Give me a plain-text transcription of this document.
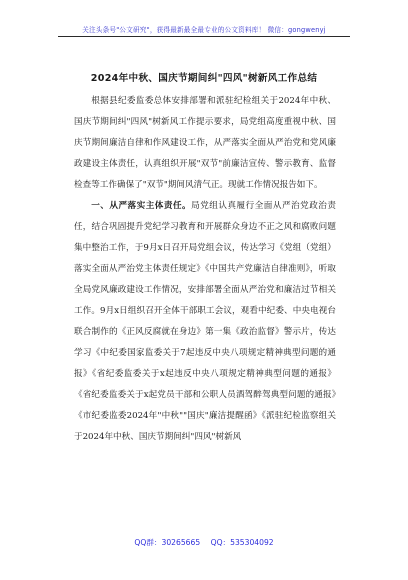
关注头条号"公文研究"，获得最新最全最专业的公文资料库！ 微信：gongwenyj
2024年中秋、国庆节期间纠"四风"树新风工作总结

根据县纪委监委总体安排部署和派驻纪检组关于2024年中秋、国庆节期间纠"四风"树新风工作提示要求，局党组高度重视中秋、国庆节期间廉洁自律和作风建设工作，从严落实全面从严治党和党风廉政建设主体责任，认真组织开展"双节"前廉洁宣传、警示教育、监督检查等工作确保了"双节"期间风清气正。现就工作情况报告如下。

一、从严落实主体责任。局党组认真履行全面从严治党政治责任，结合巩固提升党纪学习教育和开展群众身边不正之风和腐败问题集中整治工作，于9月x日召开局党组会议，传达学习《党组（党组）落实全面从严治党主体责任规定》《中国共产党廉洁自律准则》，听取全局党风廉政建设工作情况，安排部署全面从严治党和廉洁过节相关工作。9月x日组织召开全体干部职工会议，观看中纪委、中央电视台联合制作的《正风反腐就在身边》第一集《政治监督》警示片，传达学习《中纪委国家监委关于7起违反中央八项规定精神典型问题的通报》《省纪委监委关于x起违反中央八项规定精神典型问题的通报》《省纪委监委关于x起党员干部和公职人员酒驾醉驾典型问题的通报》《市纪委监委2024年"中秋""国庆"廉洁提醒函》《派驻纪检监察组关于2024年中秋、国庆节期间纠"四风"树新风

QQ群：30265665 QQ：535304092
